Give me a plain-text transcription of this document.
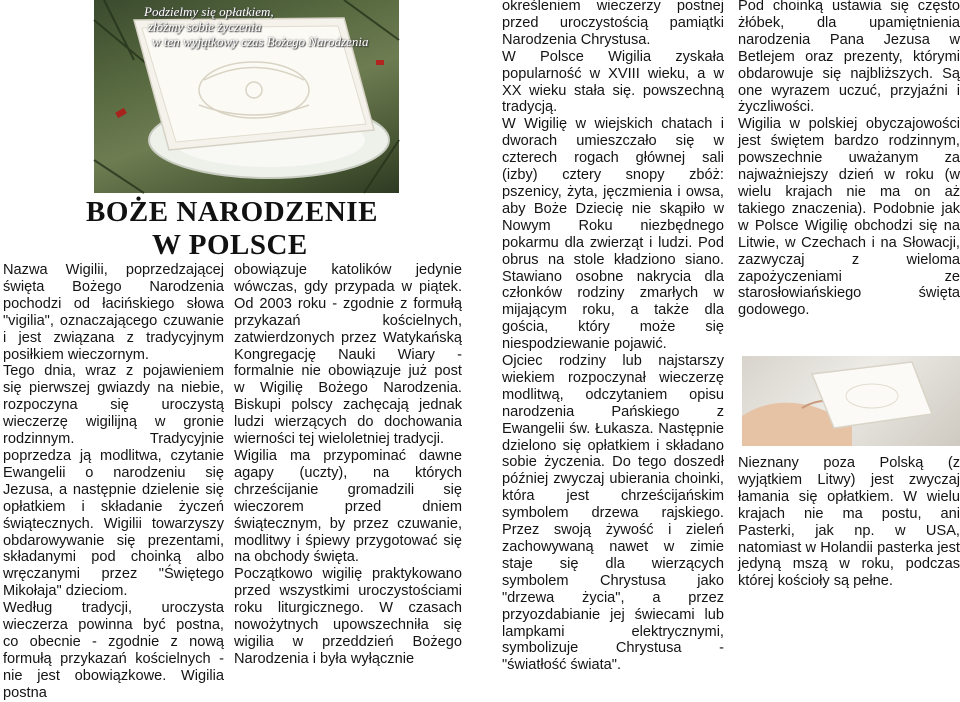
Podzielmy się opłatkiem,
złóżmy sobie życzenia
w ten wyjątkowy czas Bożego Narodzenia
BOŻE NARODZENIE
W POLSCE

Nazwa Wigilii, poprzedzającej święta Bożego Narodzenia pochodzi od łacińskiego słowa "vigilia", oznaczającego czuwanie i jest związana z tradycyjnym posiłkiem wieczornym.

Tego dnia, wraz z pojawieniem się pierwszej gwiazdy na niebie, rozpoczyna się uroczystą wieczerzę wigilijną w gronie rodzinnym. Tradycyjnie poprzedza ją modlitwa, czytanie Ewangelii o narodzeniu się Jezusa, a następnie dzielenie się opłatkiem i składanie życzeń świątecznych. Wigilii towarzyszy obdarowywanie się prezentami, składanymi pod choinką albo wręczanymi przez "Świętego Mikołaja" dzieciom.

Według tradycji, uroczysta wieczerza powinna być postna, co obecnie - zgodnie z nową formułą przykazań kościelnych - nie jest obowiązkowe. Wigilia postna

obowiązuje katolików jedynie wówczas, gdy przypada w piątek. Od 2003 roku - zgodnie z formułą przykazań kościelnych, zatwierdzonych przez Watykańską Kongregację Nauki Wiary - formalnie nie obowiązuje już post w Wigilię Bożego Narodzenia. Biskupi polscy zachęcają jednak ludzi wierzących do dochowania wierności tej wieloletniej tradycji.

Wigilia ma przypominać dawne agapy (uczty), na których chrześcijanie gromadzili się wieczorem przed dniem świątecznym, by przez czuwanie, modlitwy i śpiewy przygotować się na obchody święta.

Początkowo wigilię praktykowano przed wszystkimi uroczystościami roku liturgicznego. W czasach nowożytnych upowszechniła się wigilia w przeddzień Bożego Narodzenia i była wyłącznie

określeniem wieczerzy postnej przed uroczystością pamiątki Narodzenia Chrystusa.

W Polsce Wigilia zyskała popularność w XVIII wieku, a w XX wieku stała się. powszechną tradycją.

W Wigilię w wiejskich chatach i dworach umieszczało się w czterech rogach głównej sali (izby) cztery snopy zbóż: pszenicy, żyta, jęczmienia i owsa, aby Boże Dziecię nie skąpiło w Nowym Roku niezbędnego pokarmu dla zwierząt i ludzi. Pod obrus na stole kładziono siano. Stawiano osobne nakrycia dla członków rodziny zmarłych w mijającym roku, a także dla gościa, który może się niespodziewanie pojawić.

Ojciec rodziny lub najstarszy wiekiem rozpoczynał wieczerzę modlitwą, odczytaniem opisu narodzenia Pańskiego z Ewangelii św. Łukasza. Następnie dzielono się opłatkiem i składano sobie życzenia. Do tego doszedł później zwyczaj ubierania choinki, która jest chrześcijańskim symbolem drzewa rajskiego. Przez swoją żywość i zieleń zachowywaną nawet w zimie staje się dla wierzących symbolem Chrystusa jako "drzewa życia", a przez przyozdabianie jej świecami lub lampkami elektrycznymi, symbolizuje Chrystusa - "światłość świata".

Pod choinką ustawia się często żłóbek, dla upamiętnienia narodzenia Pana Jezusa w Betlejem oraz prezenty, którymi obdarowuje się najbliższych. Są one wyrazem uczuć, przyjaźni i życzliwości.

Wigilia w polskiej obyczajowości jest świętem bardzo rodzinnym, powszechnie uważanym za najważniejszy dzień w roku (w wielu krajach nie ma on aż takiego znaczenia). Podobnie jak w Polsce Wigilię obchodzi się na Litwie, w Czechach i na Słowacji, zazwyczaj z wieloma zapożyczeniami ze starosłowiańskiego święta godowego.

Nieznany poza Polską (z wyjątkiem Litwy) jest zwyczaj łamania się opłatkiem. W wielu krajach nie ma postu, ani Pasterki, jak np. w USA, natomiast w Holandii pasterka jest jedyną mszą w roku, podczas której kościoły są pełne.
